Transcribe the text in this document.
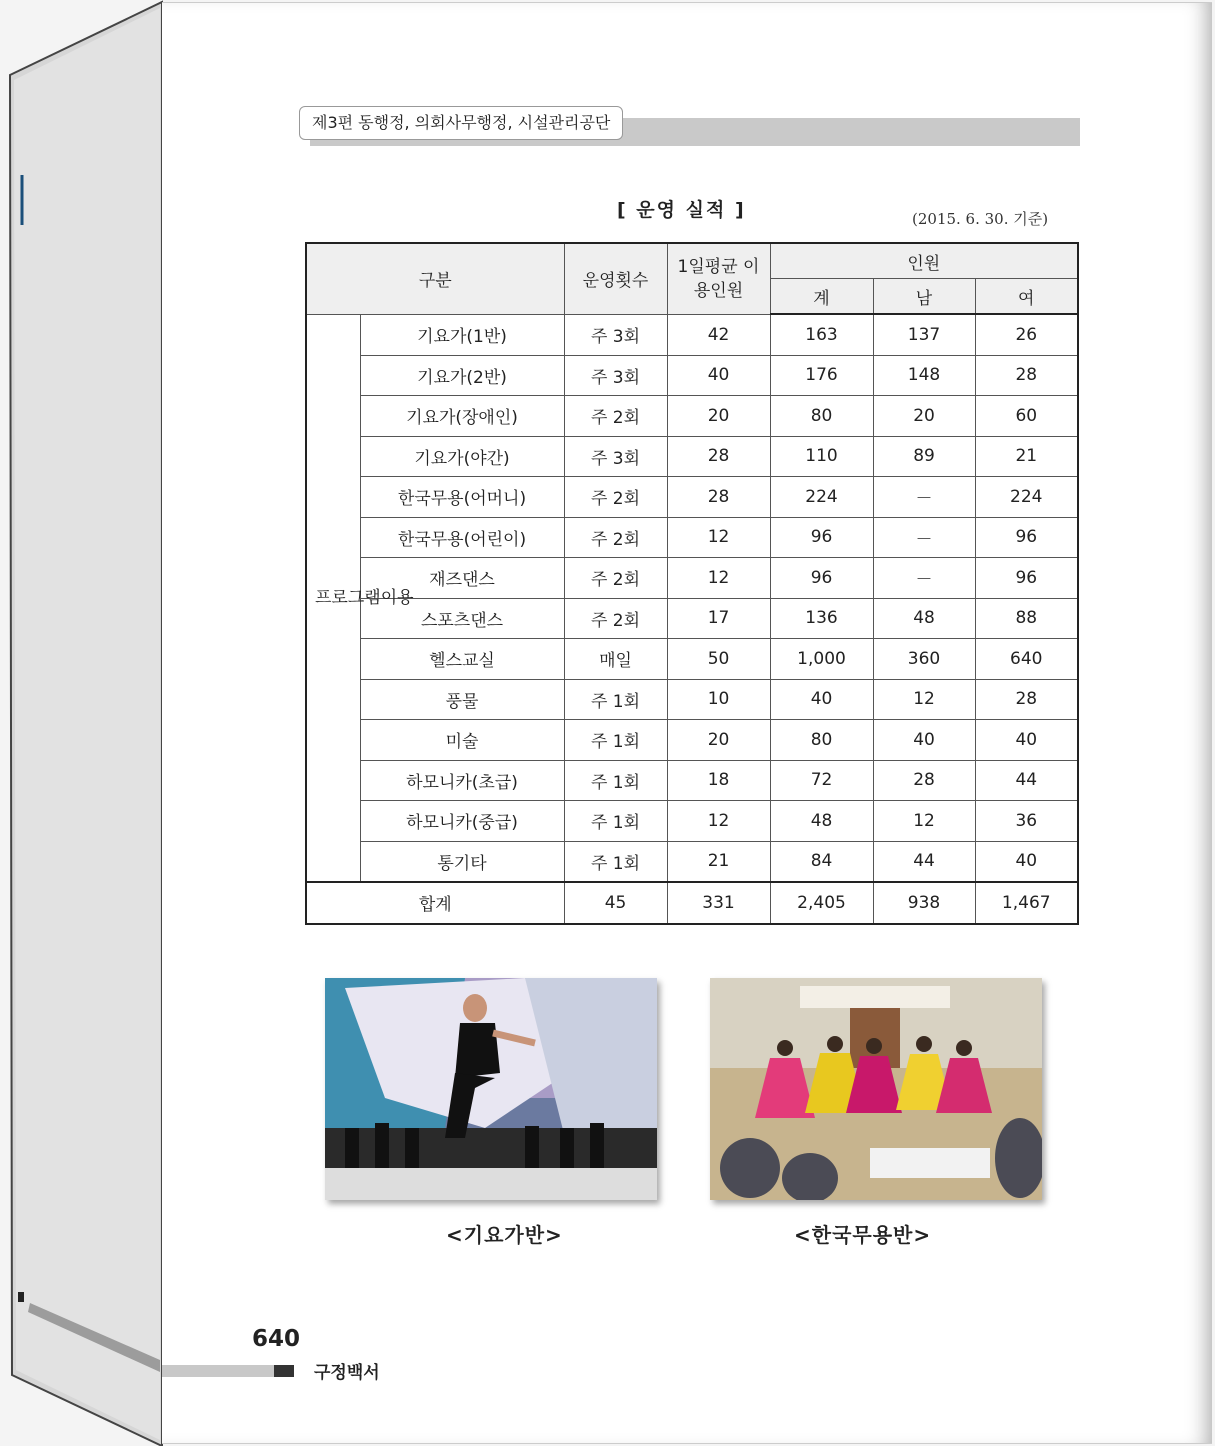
제3편 동행정, 의회사무행정, 시설관리공단
[ 운영 실적 ]	(2015. 6. 30. 기준)
구분		운영횟수	1일평균 이용인원	인원		
				계	남	여
프로그램이용	기요가(1반)	주 3회	42	163	137	26
	기요가(2반)	주 3회	40	176	148	28
	기요가(장애인)	주 2회	20	80	20	60
	기요가(야간)	주 3회	28	110	89	21
	한국무용(어머니)	주 2회	28	224	－	224
	한국무용(어린이)	주 2회	12	96	－	96
	재즈댄스	주 2회	12	96	－	96
	스포츠댄스	주 2회	17	136	48	88
	헬스교실	매일	50	1,000	360	640
	풍물	주 1회	10	40	12	28
	미술	주 1회	20	80	40	40
	하모니카(초급)	주 1회	18	72	28	44
	하모니카(중급)	주 1회	12	48	12	36
	통기타	주 1회	21	84	44	40
합계		45	331	2,405	938	1,467
<기요가반>	<한국무용반>
640
구정백서
